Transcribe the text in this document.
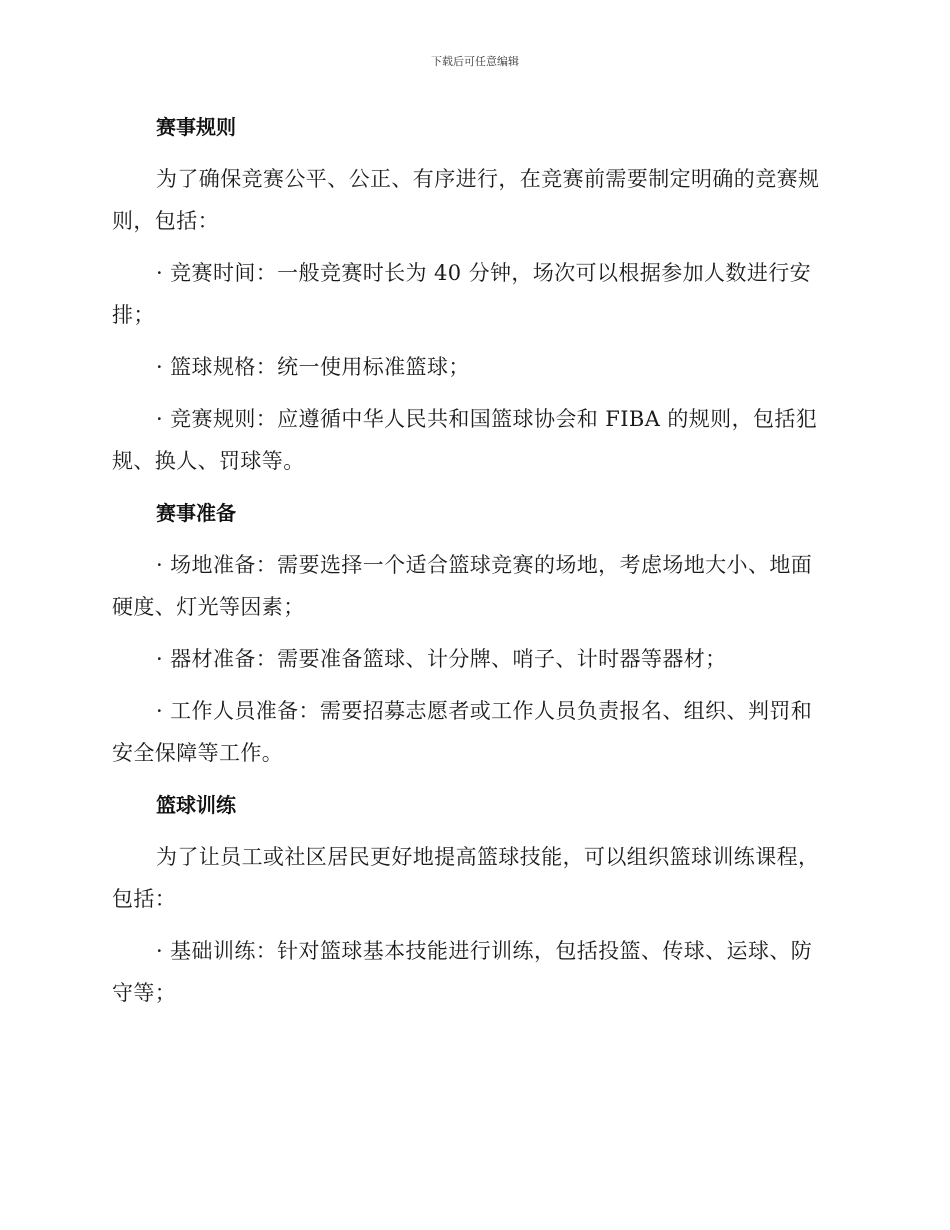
下载后可任意编辑
赛事规则

为了确保竞赛公平、公正、有序进行，在竞赛前需要制定明确的竞赛规则，包括：

· 竞赛时间：一般竞赛时长为 40 分钟，场次可以根据参加人数进行安排；

· 篮球规格：统一使用标准篮球；

· 竞赛规则：应遵循中华人民共和国篮球协会和 FIBA 的规则，包括犯规、换人、罚球等。

赛事准备

· 场地准备：需要选择一个适合篮球竞赛的场地，考虑场地大小、地面硬度、灯光等因素；

· 器材准备：需要准备篮球、计分牌、哨子、计时器等器材；

· 工作人员准备：需要招募志愿者或工作人员负责报名、组织、判罚和安全保障等工作。

篮球训练

为了让员工或社区居民更好地提高篮球技能，可以组织篮球训练课程，包括：

· 基础训练：针对篮球基本技能进行训练，包括投篮、传球、运球、防守等；
